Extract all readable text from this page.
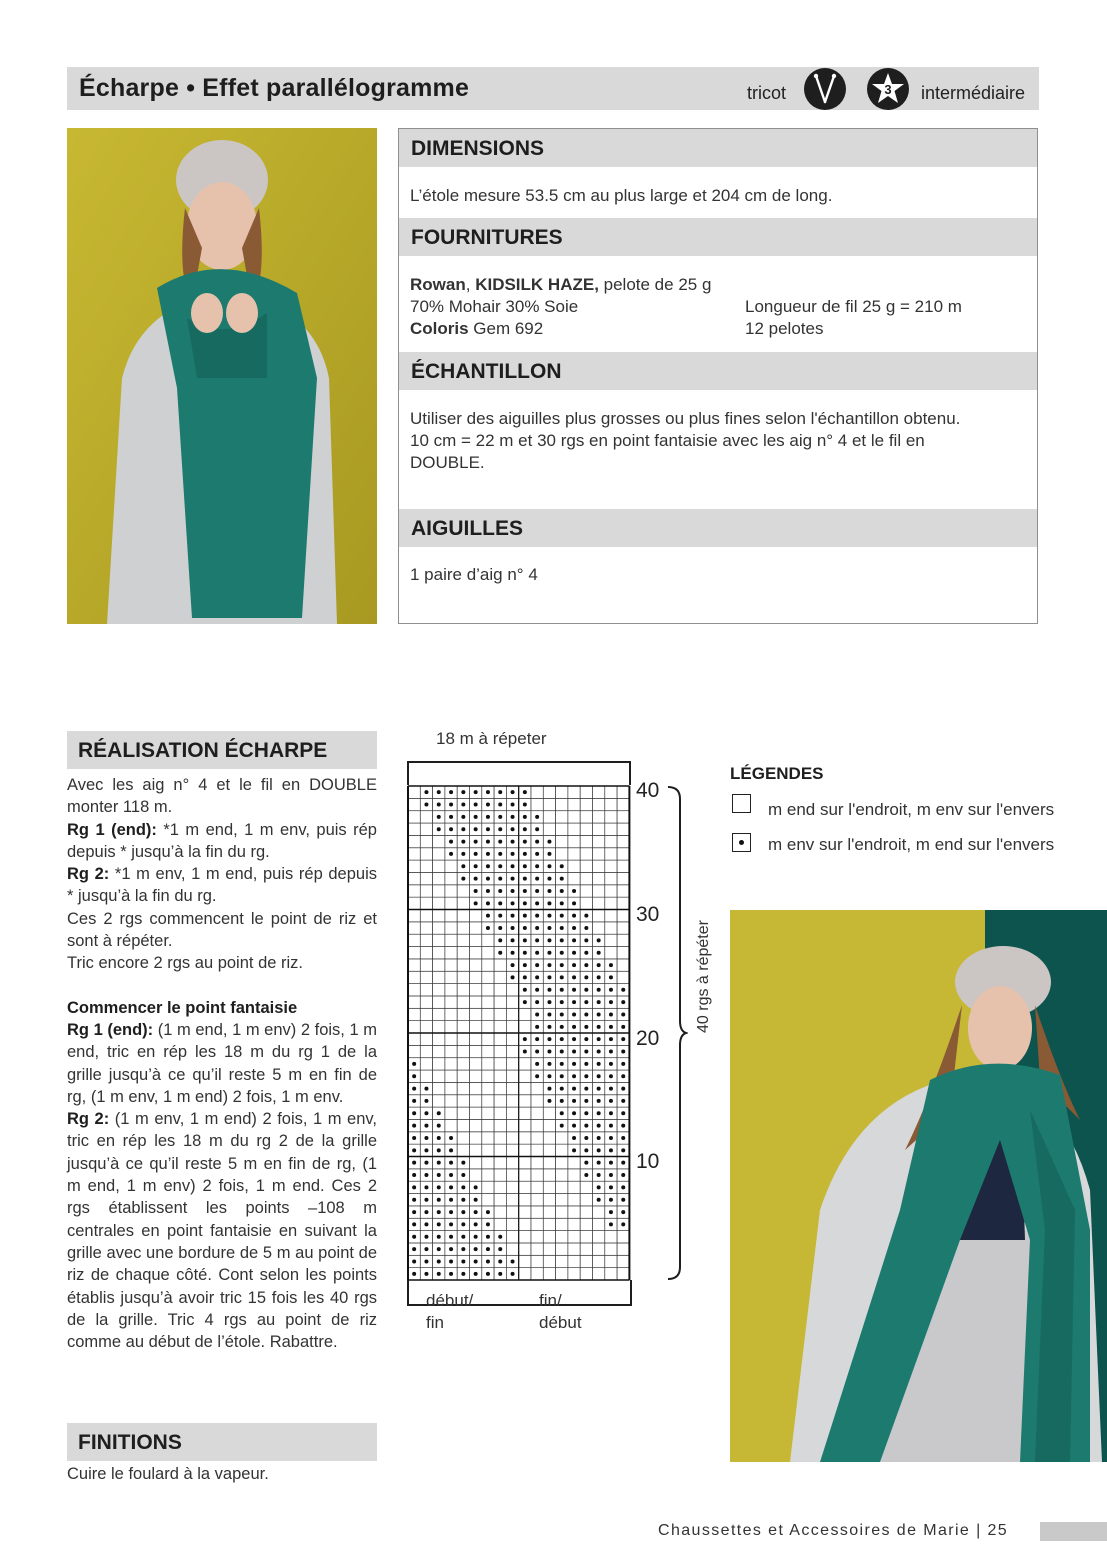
Écharpe • Effet parallélogramme	tricot	3 intermédiaire
DIMENSIONS
L’étole mesure 53.5 cm au plus large et 204 cm de long.
FOURNITURES
Rowan, KIDSILK HAZE, pelote de 25 g
70% Mohair 30% Soie
Coloris Gem 692
Longueur de fil 25 g = 210 m
12 pelotes
ÉCHANTILLON
Utiliser des aiguilles plus grosses ou plus fines selon l'échantillon obtenu.
10 cm = 22 m et 30 rgs en point fantaisie avec les aig n° 4 et le fil en
DOUBLE.
AIGUILLES
1 paire d’aig n° 4
RÉALISATION ÉCHARPE

Avec les aig n° 4 et le fil en DOUBLE monter 118 m.

Rg 1 (end): *1 m end, 1 m env, puis rép depuis * jusqu’à la fin du rg.

Rg 2: *1 m env, 1 m end, puis rép depuis * jusqu’à la fin du rg.

Ces 2 rgs commencent le point de riz et sont à répéter.

Tric encore 2 rgs au point de riz.

Commencer le point fantaisie

Rg 1 (end): (1 m end, 1 m env) 2 fois, 1 m end, tric en rép les 18 m du rg 1 de la grille jusqu’à ce qu’il reste 5 m en fin de rg, (1 m env, 1 m end) 2 fois, 1 m env.

Rg 2: (1 m env, 1 m end) 2 fois, 1 m env, tric en rép les 18 m du rg 2 de la grille jusqu’à ce qu’il reste 5 m en fin de rg, (1 m end, 1 m env) 2 fois, 1 m end. Ces 2 rgs établissent les points –108 m centrales en point fantaisie en suivant la grille avec une bordure de 5 m au point de riz de chaque côté. Cont selon les points établis jusqu’à avoir tric 15 fois les 40 rgs de la grille. Tric 4 rgs au point de riz comme au début de l’étole. Rabattre.

FINITIONS
Cuire le foulard à la vapeur.
18 m à répeter
40
30
20
10
40 rgs à répéter
début/
fin
fin/
début
LÉGENDES
m end sur l'endroit, m env sur l'envers
m env sur l'endroit, m end sur l'envers
Chaussettes et Accessoires de Marie | 25
